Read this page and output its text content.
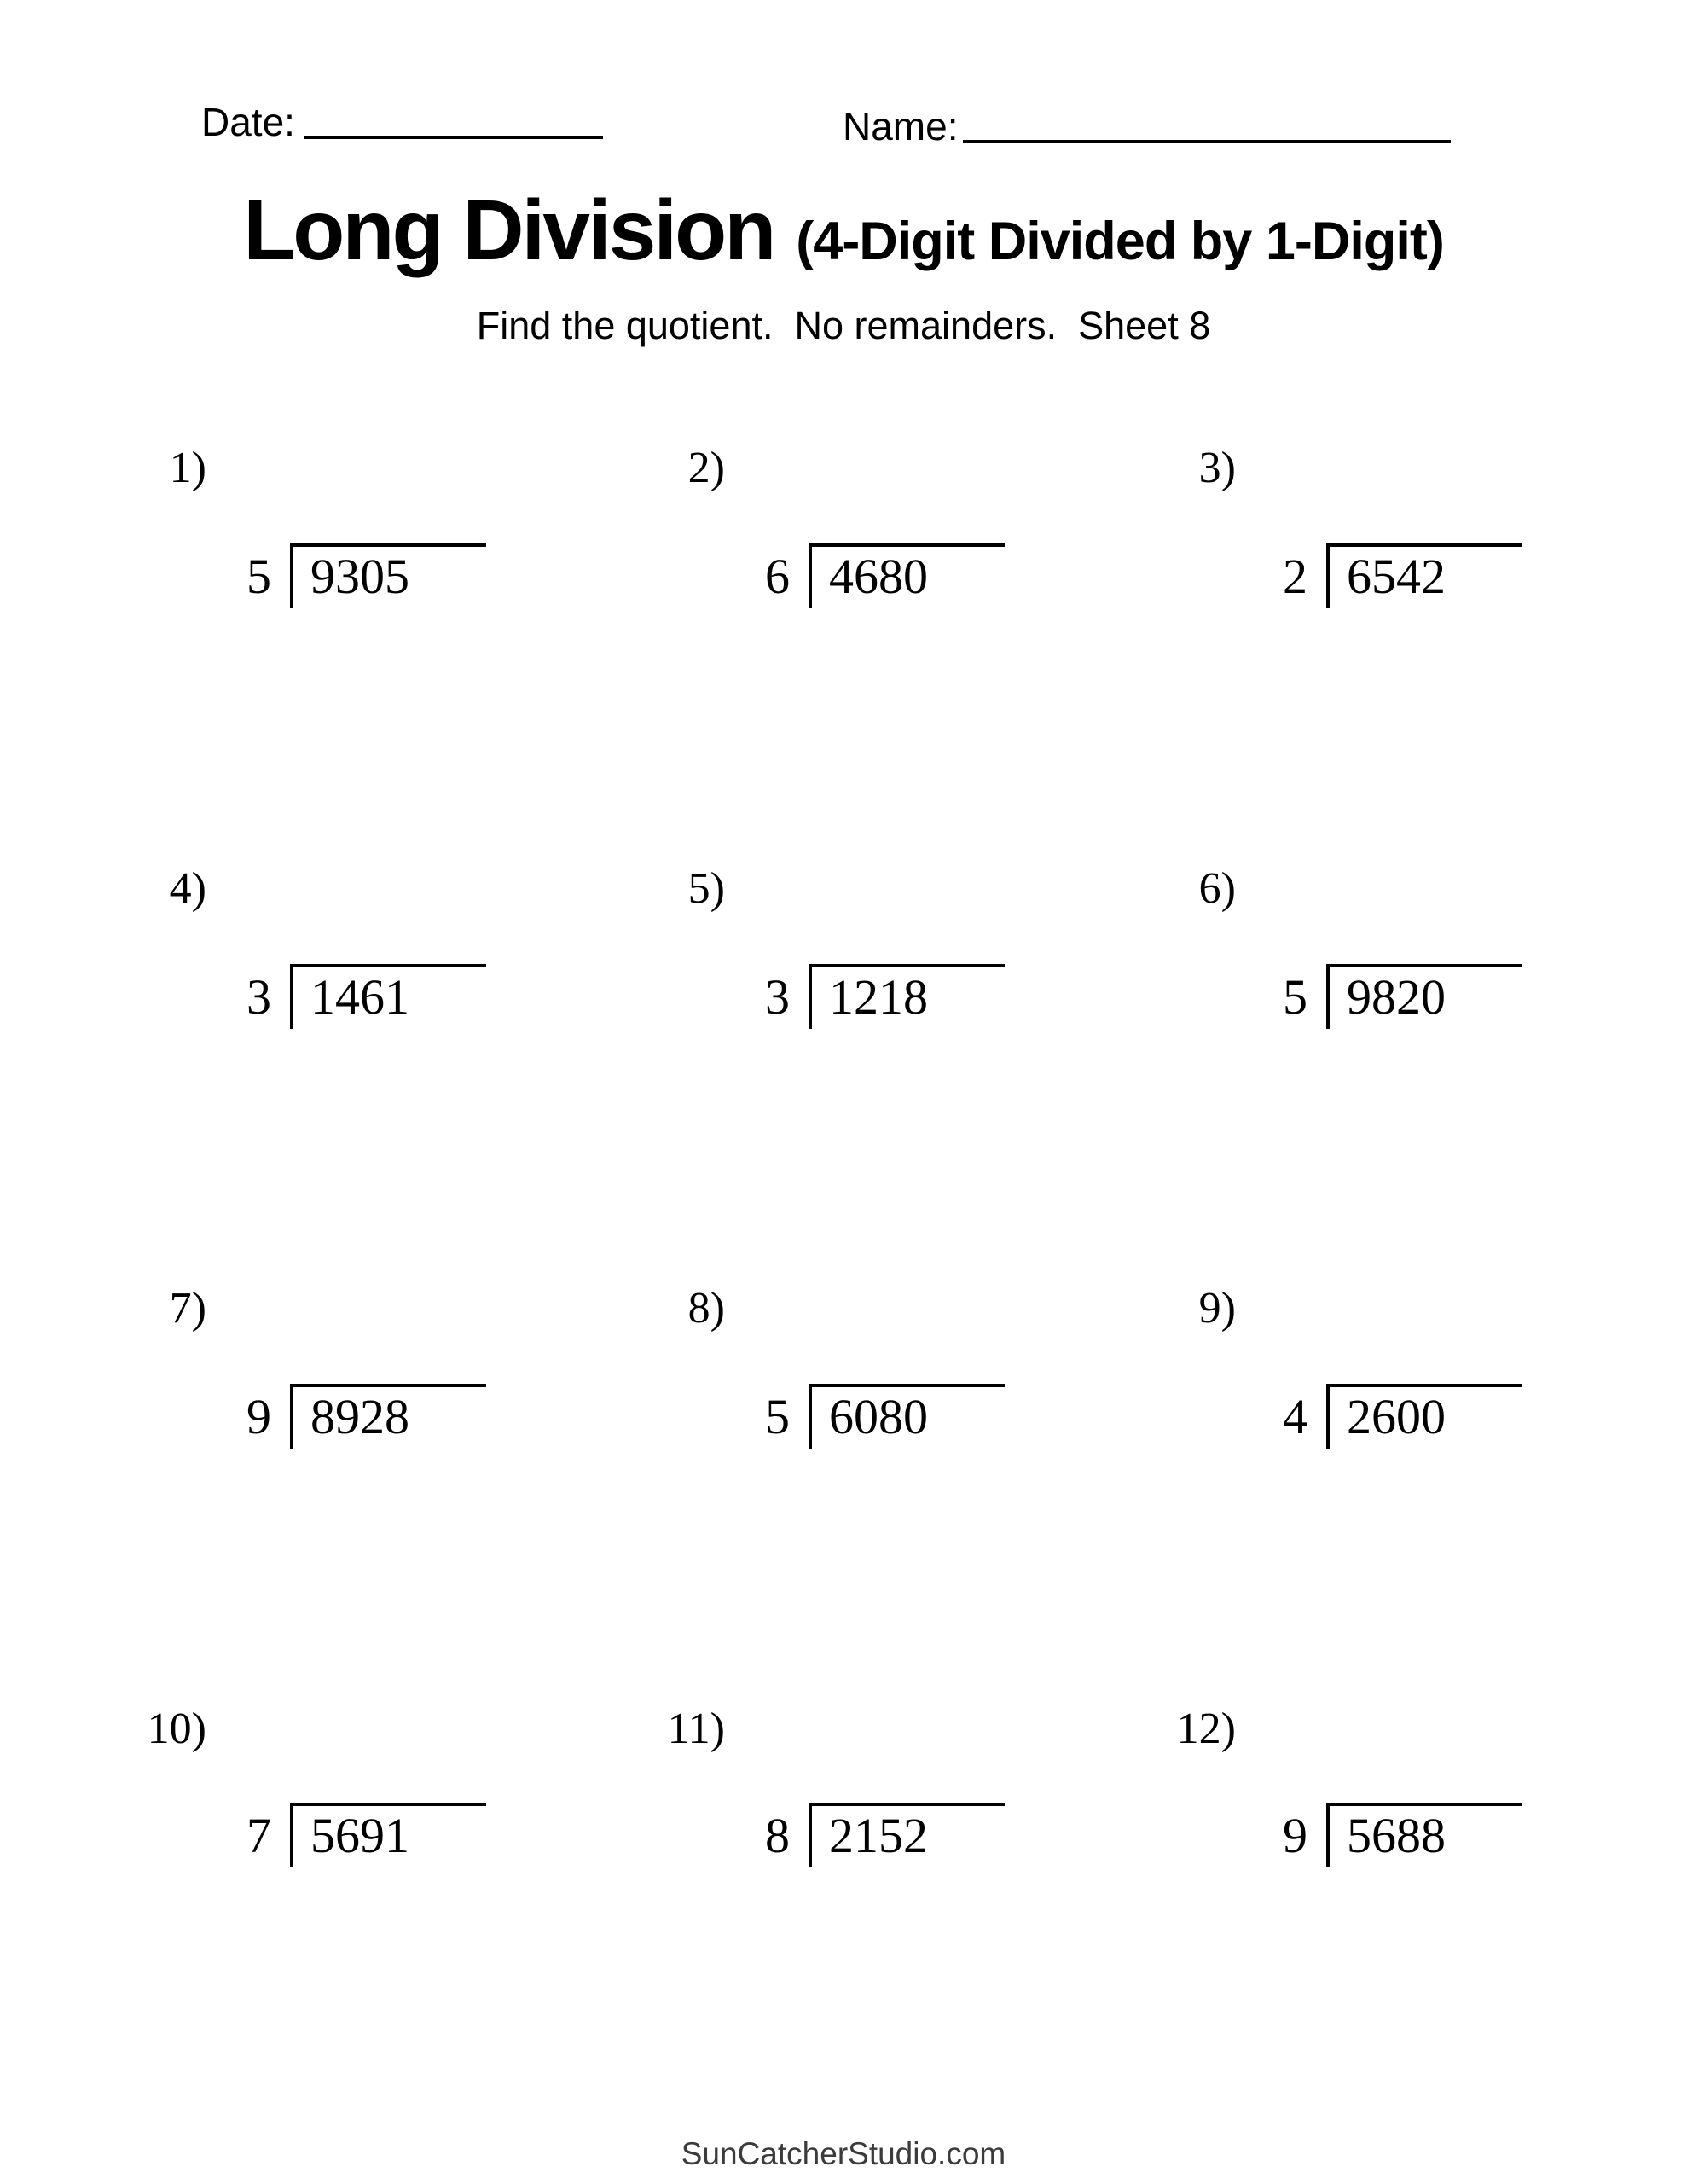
Date:	Name:
Long Division (4-Digit Divided by 1-Digit)
Find the quotient.  No remainders.  Sheet 8
1)
5 9305
2)
6 4680
3)
2 6542
4)
3 1461
5)
3 1218
6)
5 9820
7)
9 8928
8)
5 6080
9)
4 2600
10)
7 5691
11)
8 2152
12)
9 5688
SunCatcherStudio.com
